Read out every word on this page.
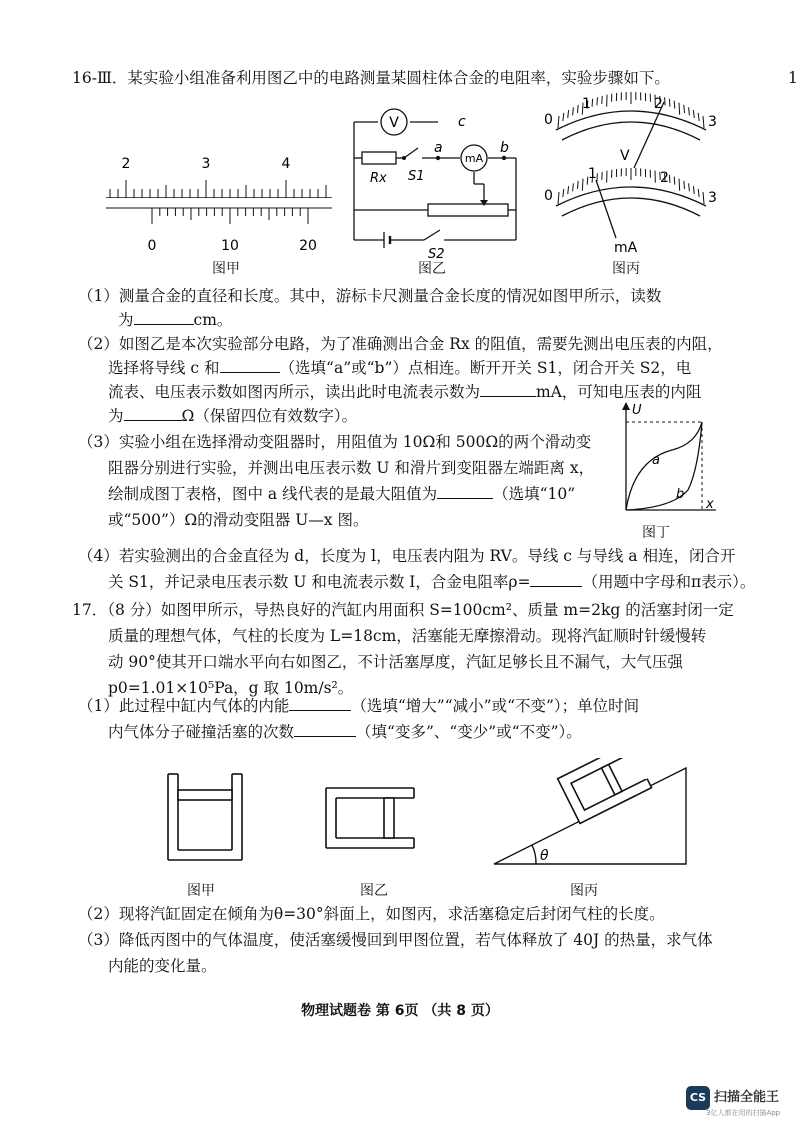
16-Ⅲ．某实验小组准备利用图乙中的电路测量某圆柱体合金的电阻率，实验步骤如下。	1
2	3	4
0	10	20
图甲
V
mA
c
a	b
Rx S1
S2
图乙
0
1	2
3
V
0
1	2
3
mA
图丙
（1）测量合金的直径和长度。其中，游标卡尺测量合金长度的情况如图甲所示，读数
为	cm。
（2）如图乙是本次实验部分电路，为了准确测出合金 Rx 的阻值，需要先测出电压表的内阻，
选择将导线 c 和	（选填“a”或“b”）点相连。断开开关 S1，闭合开关 S2，电
流表、电压表示数如图丙所示，读出此时电流表示数为	mA，可知电压表的内阻
为	Ω（保留四位有效数字）。
（3）实验小组在选择滑动变阻器时，用阻值为 10Ω和 500Ω的两个滑动变
阻器分别进行实验，并测出电压表示数 U 和滑片到变阻器左端距离 x，
绘制成图丁表格，图中 a 线代表的是最大阻值为	（选填“10”
或“500”）Ω的滑动变阻器 U—x 图。
U
x
a
b
图丁
（4）若实验测出的合金直径为 d，长度为 l，电压表内阻为 RV。导线 c 与导线 a 相连，闭合开
关 S1，并记录电压表示数 U 和电流表示数 I，合金电阻率ρ=	（用题中字母和π表示）。
17．（8 分）如图甲所示，导热良好的汽缸内用面积 S=100cm²、质量 m=2kg 的活塞封闭一定
质量的理想气体，气柱的长度为 L=18cm，活塞能无摩擦滑动。现将汽缸顺时针缓慢转
动 90°使其开口端水平向右如图乙，不计活塞厚度，汽缸足够长且不漏气，大气压强
p0=1.01×10⁵Pa，g 取 10m/s²。
（1）此过程中缸内气体的内能	（选填“增大”“减小”或“不变”）；单位时间
内气体分子碰撞活塞的次数	（填“变多”、“变少”或“不变”）。
图甲	图乙
θ
图丙
（2）现将汽缸固定在倾角为θ=30°斜面上，如图丙，求活塞稳定后封闭气柱的长度。
（3）降低丙图中的气体温度，使活塞缓慢回到甲图位置，若气体释放了 40J 的热量，求气体
内能的变化量。
物理试题卷 第 6页 （共 8 页）
CS 扫描全能王
3亿人都在用的扫描App
